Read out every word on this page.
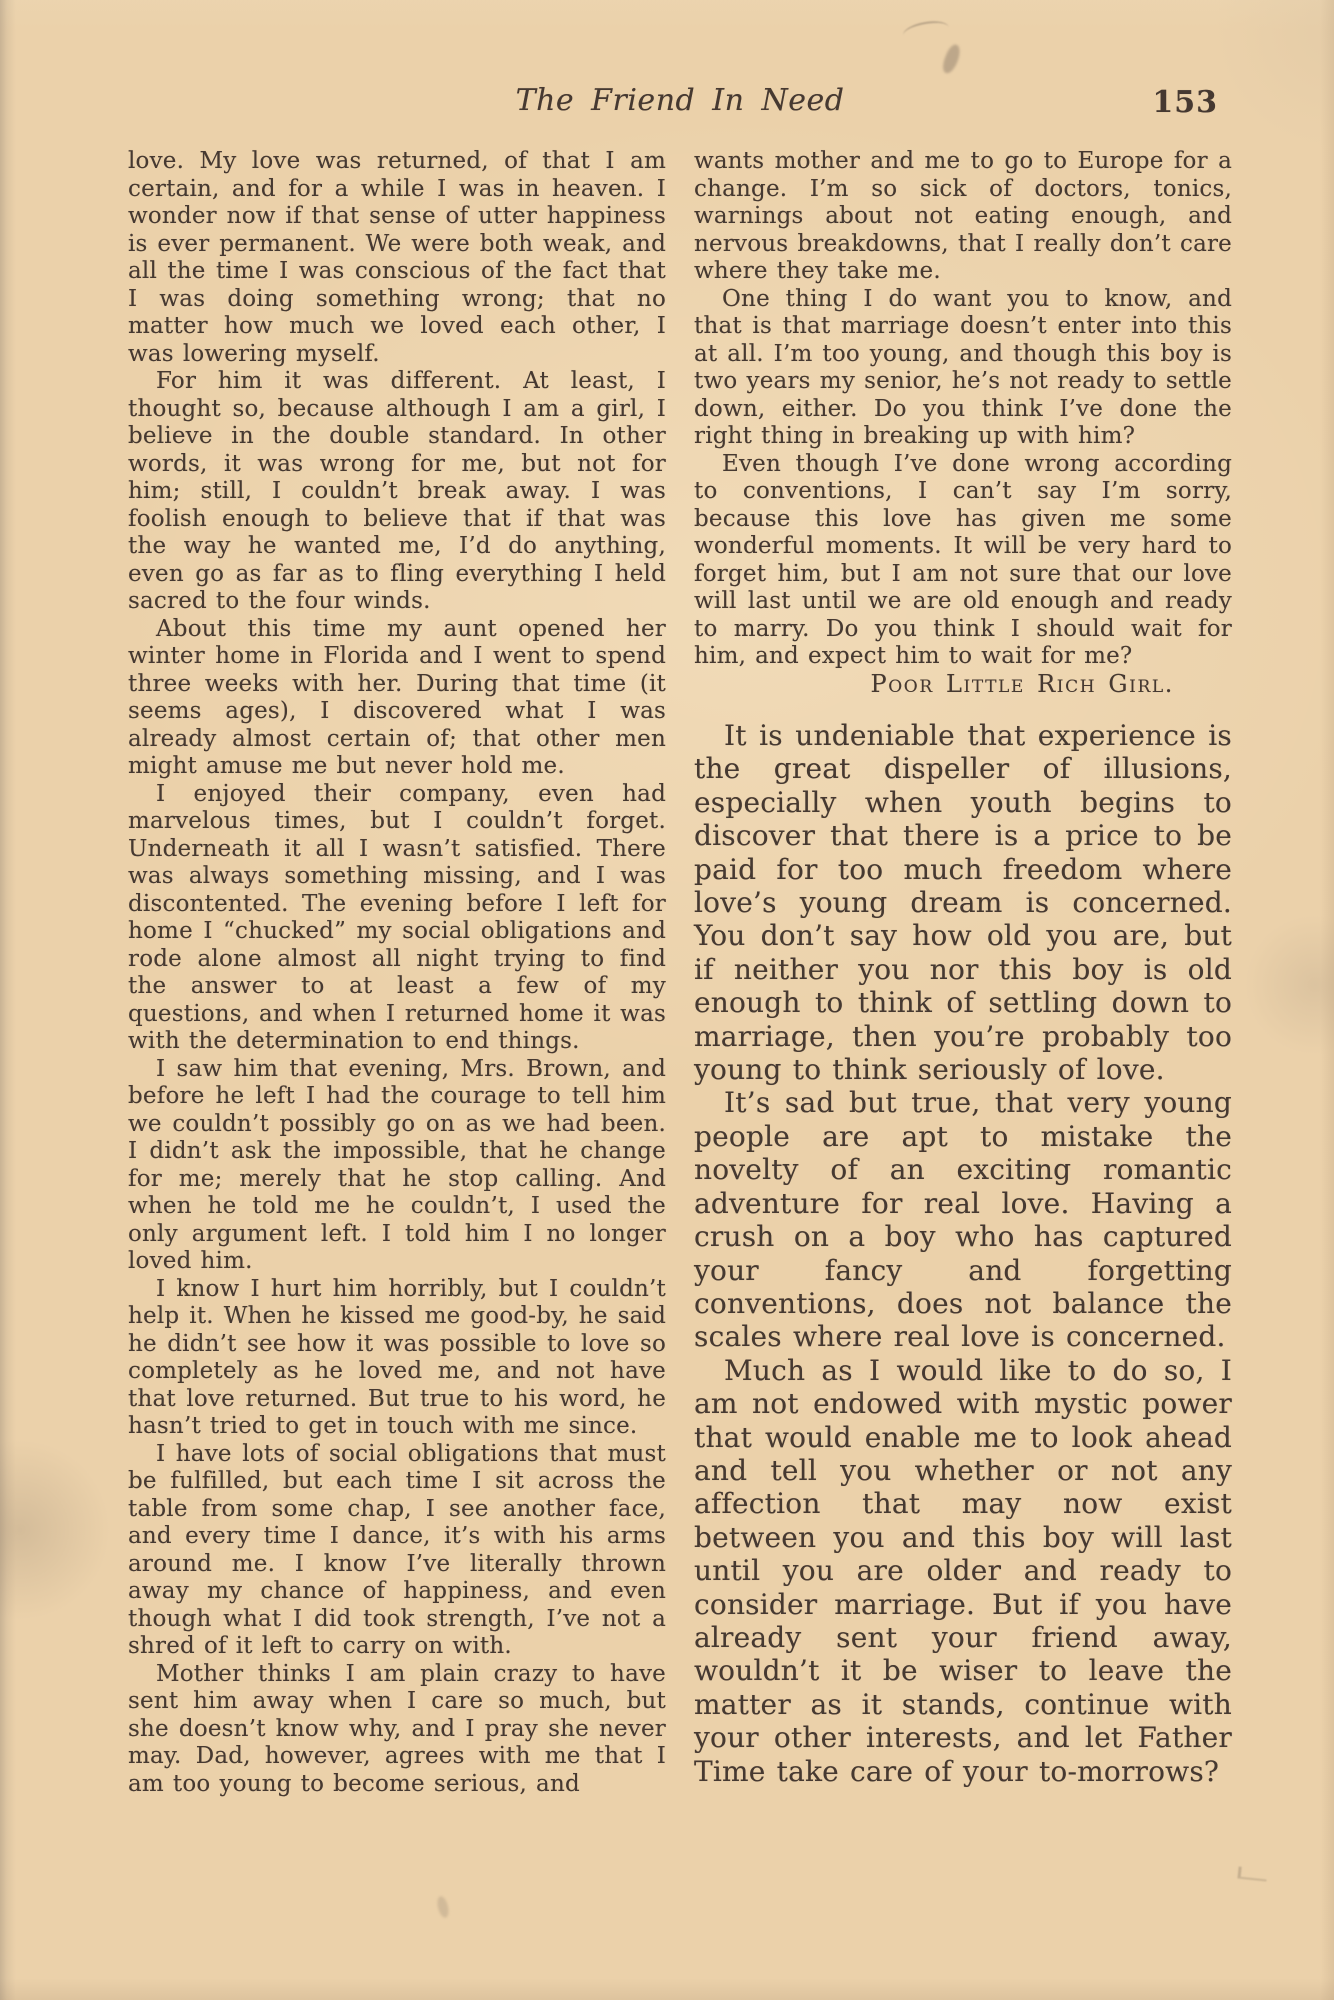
The Friend In Need	153

love. My love was returned, of that I am certain, and for a while I was in heaven. I wonder now if that sense of utter happiness is ever permanent. We were both weak, and all the time I was conscious of the fact that I was doing something wrong; that no matter how much we loved each other, I was lowering myself.

For him it was different. At least, I thought so, because although I am a girl, I believe in the double standard. In other words, it was wrong for me, but not for him; still, I couldn’t break away. I was foolish enough to believe that if that was the way he wanted me, I’d do anything, even go as far as to fling everything I held sacred to the four winds.

About this time my aunt opened her winter home in Florida and I went to spend three weeks with her. During that time (it seems ages), I discovered what I was already almost certain of; that other men might amuse me but never hold me.

I enjoyed their company, even had marvelous times, but I couldn’t forget. Underneath it all I wasn’t satisfied. There was always something missing, and I was discontented. The evening before I left for home I “chucked” my social obligations and rode alone almost all night trying to find the answer to at least a few of my questions, and when I returned home it was with the determination to end things.

I saw him that evening, Mrs. Brown, and before he left I had the courage to tell him we couldn’t possibly go on as we had been. I didn’t ask the impossible, that he change for me; merely that he stop calling. And when he told me he couldn’t, I used the only argument left. I told him I no longer loved him.

I know I hurt him horribly, but I couldn’t help it. When he kissed me good-by, he said he didn’t see how it was possible to love so completely as he loved me, and not have that love returned. But true to his word, he hasn’t tried to get in touch with me since.

I have lots of social obligations that must be fulfilled, but each time I sit across the table from some chap, I see another face, and every time I dance, it’s with his arms around me. I know I’ve literally thrown away my chance of happiness, and even though what I did took strength, I’ve not a shred of it left to carry on with.

Mother thinks I am plain crazy to have sent him away when I care so much, but she doesn’t know why, and I pray she never may. Dad, however, agrees with me that I am too young to become serious, and

wants mother and me to go to Europe for a change. I’m so sick of doctors, tonics, warnings about not eating enough, and nervous breakdowns, that I really don’t care where they take me.

One thing I do want you to know, and that is that marriage doesn’t enter into this at all. I’m too young, and though this boy is two years my senior, he’s not ready to settle down, either. Do you think I’ve done the right thing in breaking up with him?

Even though I’ve done wrong according to conventions, I can’t say I’m sorry, because this love has given me some wonderful moments. It will be very hard to forget him, but I am not sure that our love will last until we are old enough and ready to marry. Do you think I should wait for him, and expect him to wait for me?

Poor Little Rich Girl.

It is undeniable that experience is the great dispeller of illusions, especially when youth begins to discover that there is a price to be paid for too much freedom where love’s young dream is concerned. You don’t say how old you are, but if neither you nor this boy is old enough to think of settling down to marriage, then you’re probably too young to think seriously of love.

It’s sad but true, that very young people are apt to mistake the novelty of an exciting romantic adventure for real love. Having a crush on a boy who has captured your fancy and forgetting conventions, does not balance the scales where real love is concerned.

Much as I would like to do so, I am not endowed with mystic power that would enable me to look ahead and tell you whether or not any affection that may now exist between you and this boy will last until you are older and ready to consider marriage. But if you have already sent your friend away, wouldn’t it be wiser to leave the matter as it stands, continue with your other interests, and let Father Time take care of your to-morrows?
